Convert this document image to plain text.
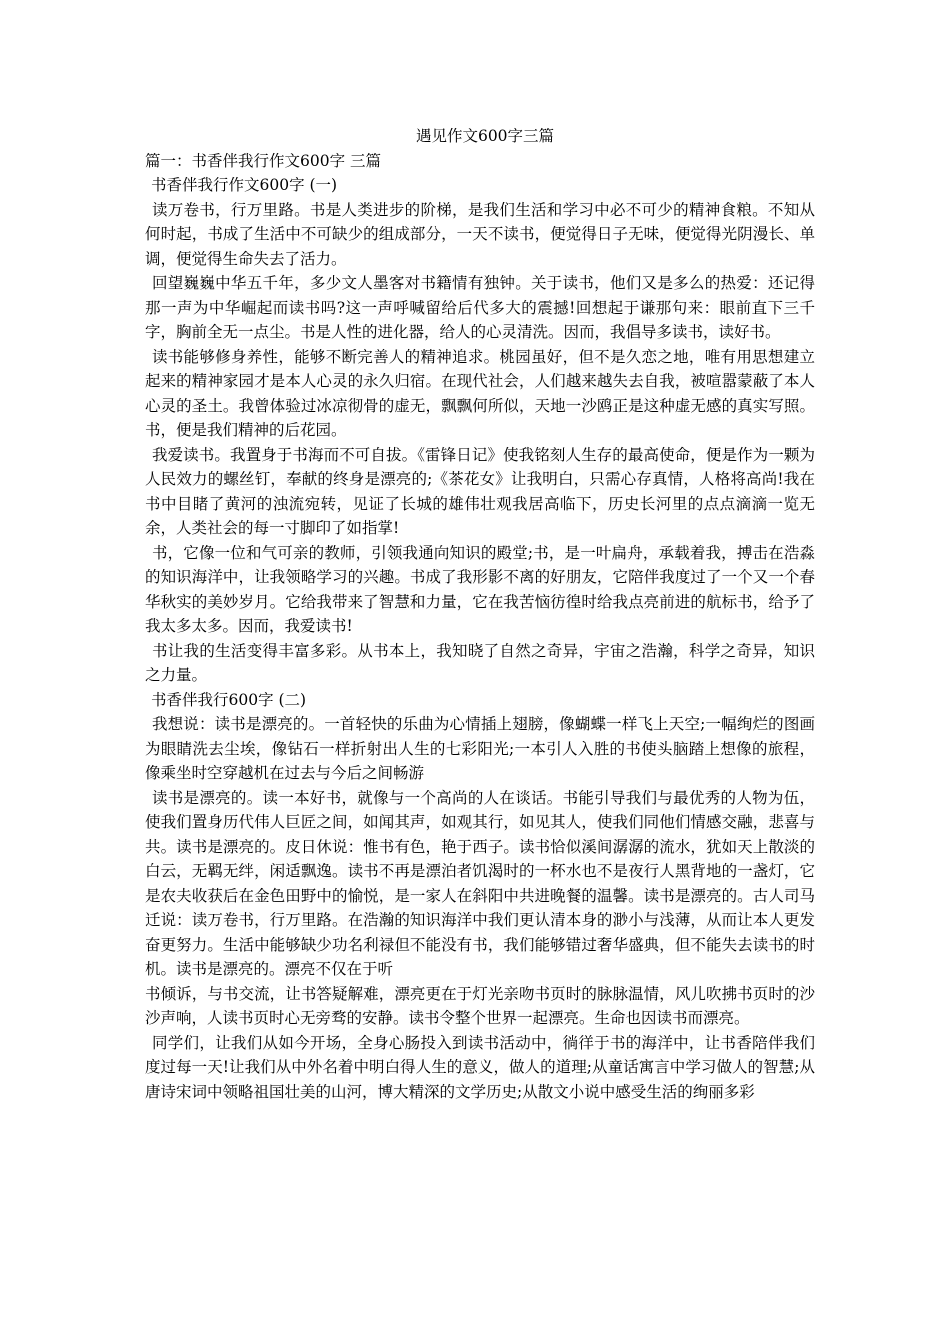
遇见作文600字三篇

篇一：书香伴我行作文600字 三篇

书香伴我行作文600字 (一)

读万卷书，行万里路。书是人类进步的阶梯，是我们生活和学习中必不可少的精神食粮。不知从何时起，书成了生活中不可缺少的组成部分，一天不读书，便觉得日子无味，便觉得光阴漫长、单调，便觉得生命失去了活力。

回望巍巍中华五千年，多少文人墨客对书籍情有独钟。关于读书，他们又是多么的热爱：还记得那一声为中华崛起而读书吗?这一声呼喊留给后代多大的震撼!回想起于谦那句来：眼前直下三千字，胸前全无一点尘。书是人性的进化器，给人的心灵清洗。因而，我倡导多读书，读好书。

读书能够修身养性，能够不断完善人的精神追求。桃园虽好，但不是久恋之地，唯有用思想建立起来的精神家园才是本人心灵的永久归宿。在现代社会，人们越来越失去自我，被喧嚣蒙蔽了本人心灵的圣土。我曾体验过冰凉彻骨的虚无，飘飘何所似，天地一沙鸥正是这种虚无感的真实写照。书，便是我们精神的后花园。

我爱读书。我置身于书海而不可自拔。《雷锋日记》使我铭刻人生存的最高使命，便是作为一颗为人民效力的螺丝钉，奉献的终身是漂亮的;《茶花女》让我明白，只需心存真情，人格将高尚!我在书中目睹了黄河的浊流宛转，见证了长城的雄伟壮观我居高临下，历史长河里的点点滴滴一览无余，人类社会的每一寸脚印了如指掌!

书，它像一位和气可亲的教师，引领我通向知识的殿堂;书，是一叶扁舟，承载着我，搏击在浩淼的知识海洋中，让我领略学习的兴趣。书成了我形影不离的好朋友，它陪伴我度过了一个又一个春华秋实的美妙岁月。它给我带来了智慧和力量，它在我苦恼彷徨时给我点亮前进的航标书，给予了我太多太多。因而，我爱读书!

书让我的生活变得丰富多彩。从书本上，我知晓了自然之奇异，宇宙之浩瀚，科学之奇异，知识之力量。

书香伴我行600字 (二)

我想说：读书是漂亮的。一首轻快的乐曲为心情插上翅膀，像蝴蝶一样飞上天空;一幅绚烂的图画为眼睛洗去尘埃，像钻石一样折射出人生的七彩阳光;一本引人入胜的书使头脑踏上想像的旅程，像乘坐时空穿越机在过去与今后之间畅游

读书是漂亮的。读一本好书，就像与一个高尚的人在谈话。书能引导我们与最优秀的人物为伍，使我们置身历代伟人巨匠之间，如闻其声，如观其行，如见其人，使我们同他们情感交融，悲喜与共。读书是漂亮的。皮日休说：惟书有色，艳于西子。读书恰似溪间潺潺的流水，犹如天上散淡的白云，无羁无绊，闲适飘逸。读书不再是漂泊者饥渴时的一杯水也不是夜行人黑背地的一盏灯，它是农夫收获后在金色田野中的愉悦，是一家人在斜阳中共进晚餐的温馨。读书是漂亮的。古人司马迁说：读万卷书，行万里路。在浩瀚的知识海洋中我们更认清本身的渺小与浅薄，从而让本人更发奋更努力。生活中能够缺少功名利禄但不能没有书，我们能够错过奢华盛典，但不能失去读书的时机。读书是漂亮的。漂亮不仅在于听

书倾诉，与书交流，让书答疑解难，漂亮更在于灯光亲吻书页时的脉脉温情，风儿吹拂书页时的沙沙声响，人读书页时心无旁骛的安静。读书令整个世界一起漂亮。生命也因读书而漂亮。

同学们，让我们从如今开场，全身心肠投入到读书活动中，徜徉于书的海洋中，让书香陪伴我们度过每一天!让我们从中外名着中明白得人生的意义，做人的道理;从童话寓言中学习做人的智慧;从唐诗宋词中领略祖国壮美的山河，博大精深的文学历史;从散文小说中感受生活的绚丽多彩
